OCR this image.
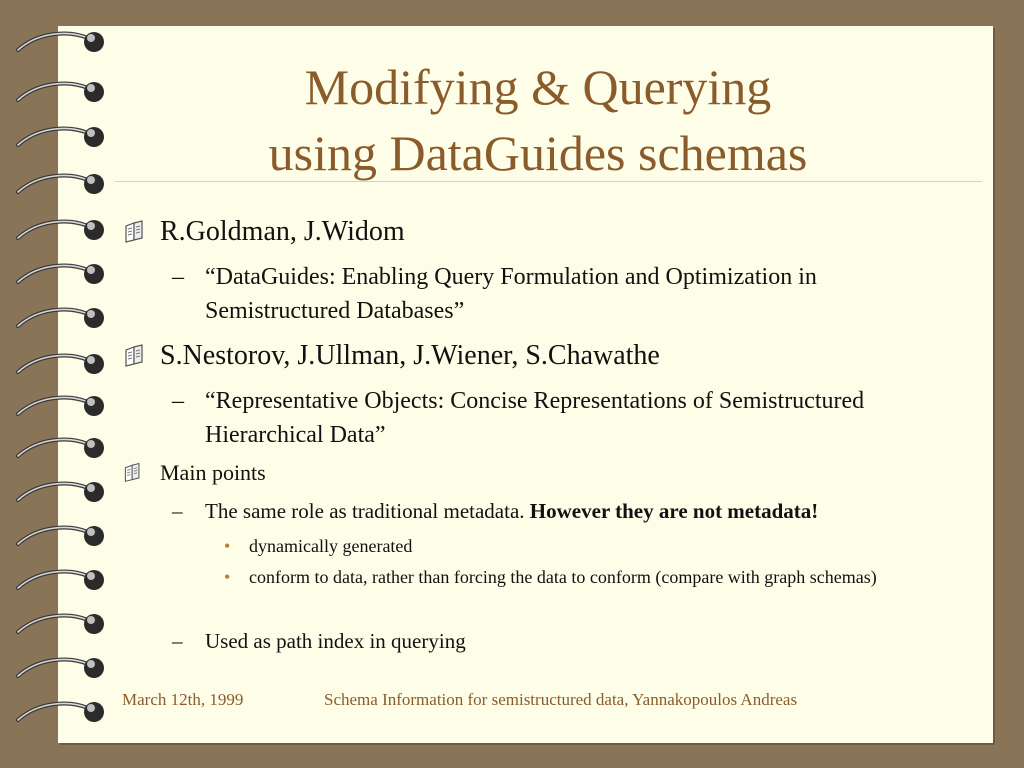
Modifying & Querying
using DataGuides schemas
R.Goldman, J.Widom
– “DataGuides: Enabling Query Formulation and Optimization in Semistructured Databases”
S.Nestorov, J.Ullman, J.Wiener, S.Chawathe
– “Representative Objects: Concise Representations of Semistructured Hierarchical Data”
Main points
– The same role as traditional metadata. However they are not metadata!
• dynamically generated
• conform to data, rather than forcing the data to conform (compare with graph schemas)
– Used as path index in querying
March 12th, 1999	Schema Information for semistructured data, Yannakopoulos Andreas
